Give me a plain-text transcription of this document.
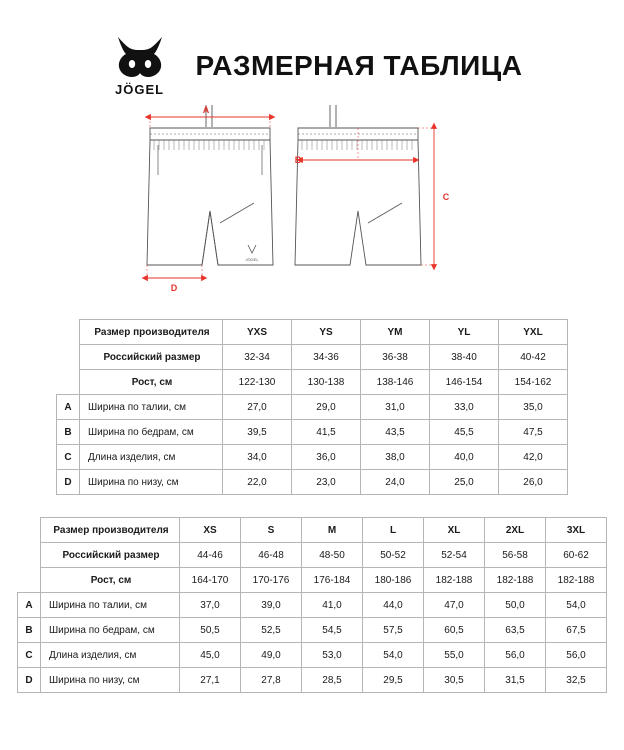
JÖGEL
РАЗМЕРНАЯ ТАБЛИЦА
JÖGEL
A
D
B
C
	Размер производителя	YXS	YS	YM	YL	YXL
	Российский размер	32-34	34-36	36-38	38-40	40-42
	Рост, см	122-130	130-138	138-146	146-154	154-162
A	Ширина по талии, см	27,0	29,0	31,0	33,0	35,0
B	Ширина по бедрам, см	39,5	41,5	43,5	45,5	47,5
C	Длина изделия, см	34,0	36,0	38,0	40,0	42,0
D	Ширина по низу, см	22,0	23,0	24,0	25,0	26,0
	Размер производителя	XS	S	M	L	XL	2XL	3XL
	Российский размер	44-46	46-48	48-50	50-52	52-54	56-58	60-62
	Рост, см	164-170	170-176	176-184	180-186	182-188	182-188	182-188
A	Ширина по талии, см	37,0	39,0	41,0	44,0	47,0	50,0	54,0
B	Ширина по бедрам, см	50,5	52,5	54,5	57,5	60,5	63,5	67,5
C	Длина изделия, см	45,0	49,0	53,0	54,0	55,0	56,0	56,0
D	Ширина по низу, см	27,1	27,8	28,5	29,5	30,5	31,5	32,5
